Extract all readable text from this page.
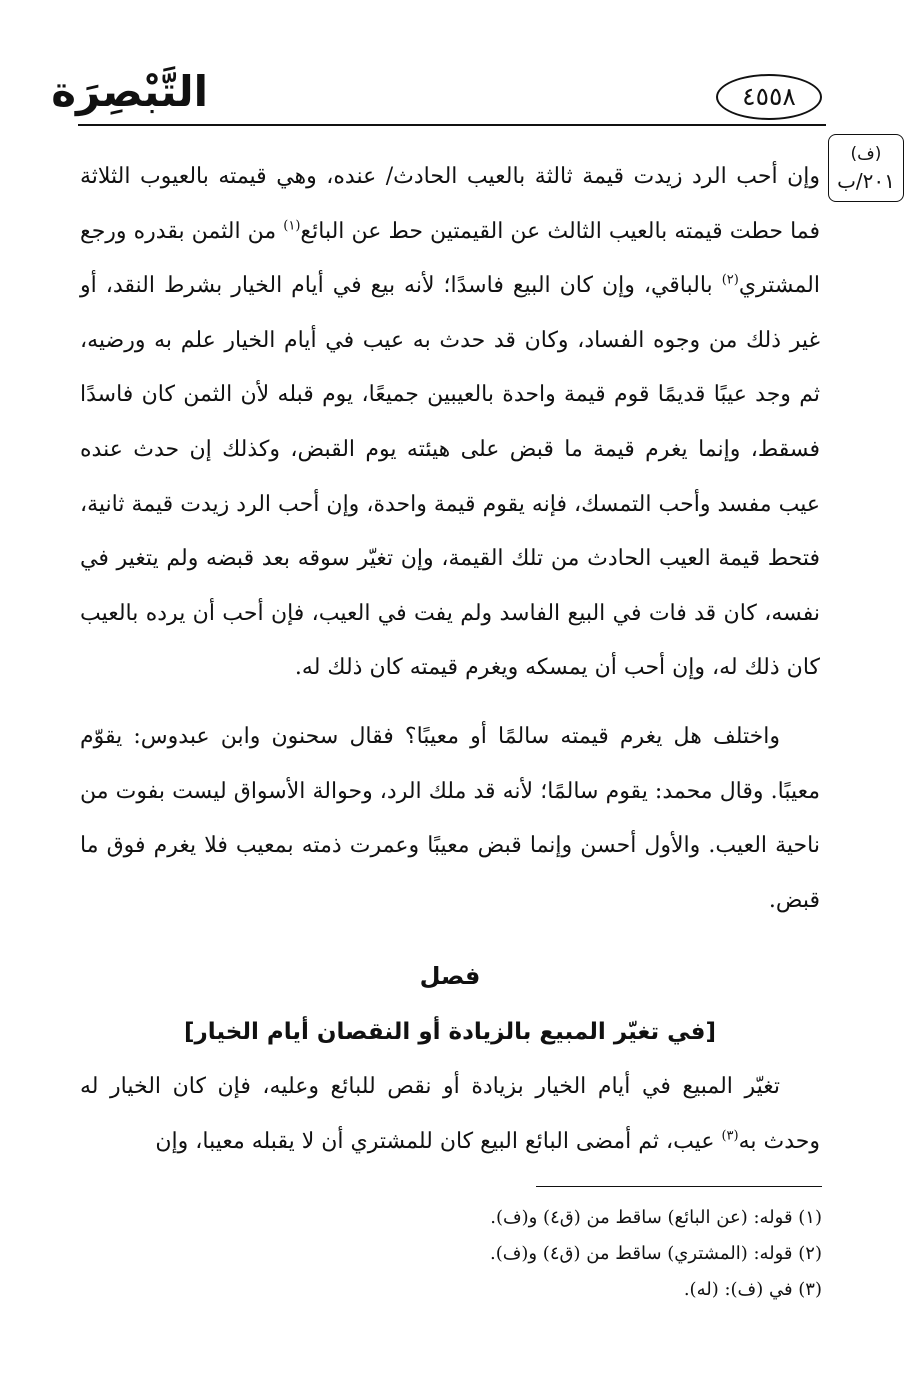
التَّبْصِرَة	٤٥٥٨
(ف)
٢٠١/ب

وإن أحب الرد زيدت قيمة ثالثة بالعيب الحادث/ عنده، وهي قيمته بالعيوب الثلاثة فما حطت قيمته بالعيب الثالث عن القيمتين حط عن البائع$^{(١)}$ من الثمن بقدره ورجع المشتري$^{(٢)}$ بالباقي، وإن كان البيع فاسدًا؛ لأنه بيع في أيام الخيار بشرط النقد، أو غير ذلك من وجوه الفساد، وكان قد حدث به عيب في أيام الخيار علم به ورضيه، ثم وجد عيبًا قديمًا قوم قيمة واحدة بالعيبين جميعًا، يوم قبله لأن الثمن كان فاسدًا فسقط، وإنما يغرم قيمة ما قبض على هيئته يوم القبض، وكذلك إن حدث عنده عيب مفسد وأحب التمسك، فإنه يقوم قيمة واحدة، وإن أحب الرد زيدت قيمة ثانية، فتحط قيمة العيب الحادث من تلك القيمة، وإن تغيّر سوقه بعد قبضه ولم يتغير في نفسه، كان قد فات في البيع الفاسد ولم يفت في العيب، فإن أحب أن يرده بالعيب كان ذلك له، وإن أحب أن يمسكه ويغرم قيمته كان ذلك له.

واختلف هل يغرم قيمته سالمًا أو معيبًا؟ فقال سحنون وابن عبدوس: يقوّم معيبًا. وقال محمد: يقوم سالمًا؛ لأنه قد ملك الرد، وحوالة الأسواق ليست بفوت من ناحية العيب. والأول أحسن وإنما قبض معيبًا وعمرت ذمته بمعيب فلا يغرم فوق ما قبض.

فصل

[في تغيّر المبيع بالزيادة أو النقصان أيام الخيار]

تغيّر المبيع في أيام الخيار بزيادة أو نقص للبائع وعليه، فإن كان الخيار له وحدث به$^{(٣)}$ عيب، ثم أمضى البائع البيع كان للمشتري أن لا يقبله معيبا، وإن

(١) قوله: (عن البائع) ساقط من (ق٤) و(ف).
(٢) قوله: (المشتري) ساقط من (ق٤) و(ف).
(٣) في (ف): (له).
